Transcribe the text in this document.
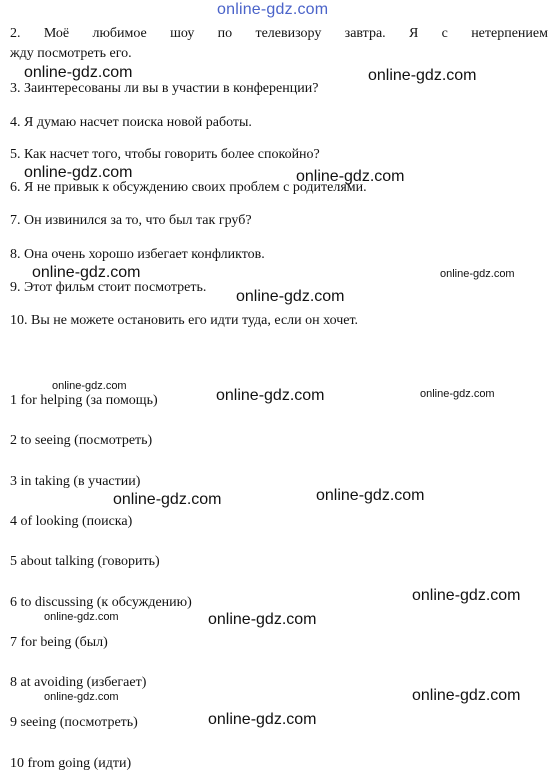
online-gdz.com
2. Моё любимое шоу по телевизору завтра. Я с нетерпением
жду посмотреть его.
3. Заинтересованы ли вы в участии в конференции?
4. Я думаю насчет поиска новой работы.
5. Как насчет того, чтобы говорить более спокойно?
6. Я не привык к обсуждению своих проблем с родителями.
7. Он извинился за то, что был так груб?
8. Она очень хорошо избегает конфликтов.
9. Этот фильм стоит посмотреть.
10. Вы не можете остановить его идти туда, если он хочет.
1 for helping (за помощь)
2 to seeing (посмотреть)
3 in taking (в участии)
4 of looking (поиска)
5 about talking (говорить)
6 to discussing (к обсуждению)
7 for being (был)
8 at avoiding (избегает)
9 seeing (посмотреть)
10 from going (идти)
online-gdz.com	online-gdz.com
online-gdz.com	online-gdz.com
online-gdz.com	online-gdz.com
online-gdz.com
online-gdz.com
online-gdz.com	online-gdz.com
online-gdz.com	online-gdz.com
online-gdz.com
online-gdz.com	online-gdz.com
online-gdz.com	online-gdz.com
online-gdz.com
